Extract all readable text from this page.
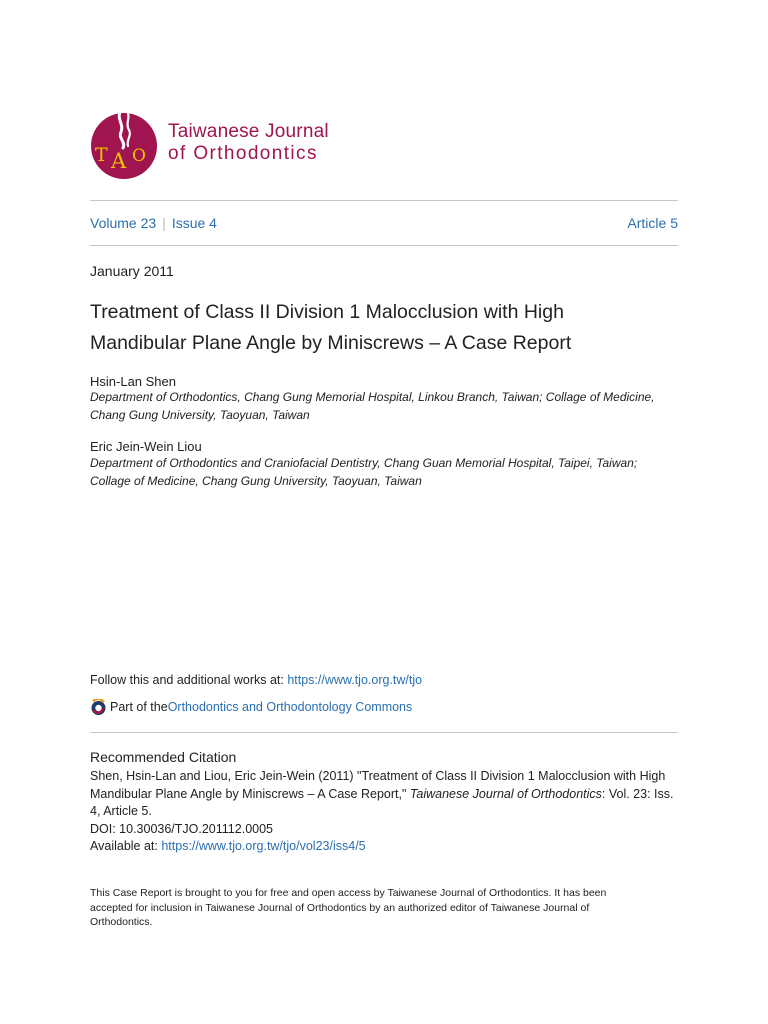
T A O
Taiwanese Journal
of Orthodontics
Volume 23 | Issue 4	Article 5
January 2011
Treatment of Class II Division 1 Malocclusion with High
Mandibular Plane Angle by Miniscrews – A Case Report
Hsin-Lan Shen
Department of Orthodontics, Chang Gung Memorial Hospital, Linkou Branch, Taiwan; Collage of Medicine,
Chang Gung University, Taoyuan, Taiwan
Eric Jein-Wein Liou
Department of Orthodontics and Craniofacial Dentistry, Chang Guan Memorial Hospital, Taipei, Taiwan;
Collage of Medicine, Chang Gung University, Taoyuan, Taiwan
Follow this and additional works at: https://www.tjo.org.tw/tjo
Part of the Orthodontics and Orthodontology Commons
Recommended Citation
Shen, Hsin-Lan and Liou, Eric Jein-Wein (2011) "Treatment of Class II Division 1 Malocclusion with High
Mandibular Plane Angle by Miniscrews – A Case Report," Taiwanese Journal of Orthodontics: Vol. 23: Iss.
4, Article 5.
DOI: 10.30036/TJO.201112.0005
Available at: https://www.tjo.org.tw/tjo/vol23/iss4/5
This Case Report is brought to you for free and open access by Taiwanese Journal of Orthodontics. It has been
accepted for inclusion in Taiwanese Journal of Orthodontics by an authorized editor of Taiwanese Journal of
Orthodontics.
